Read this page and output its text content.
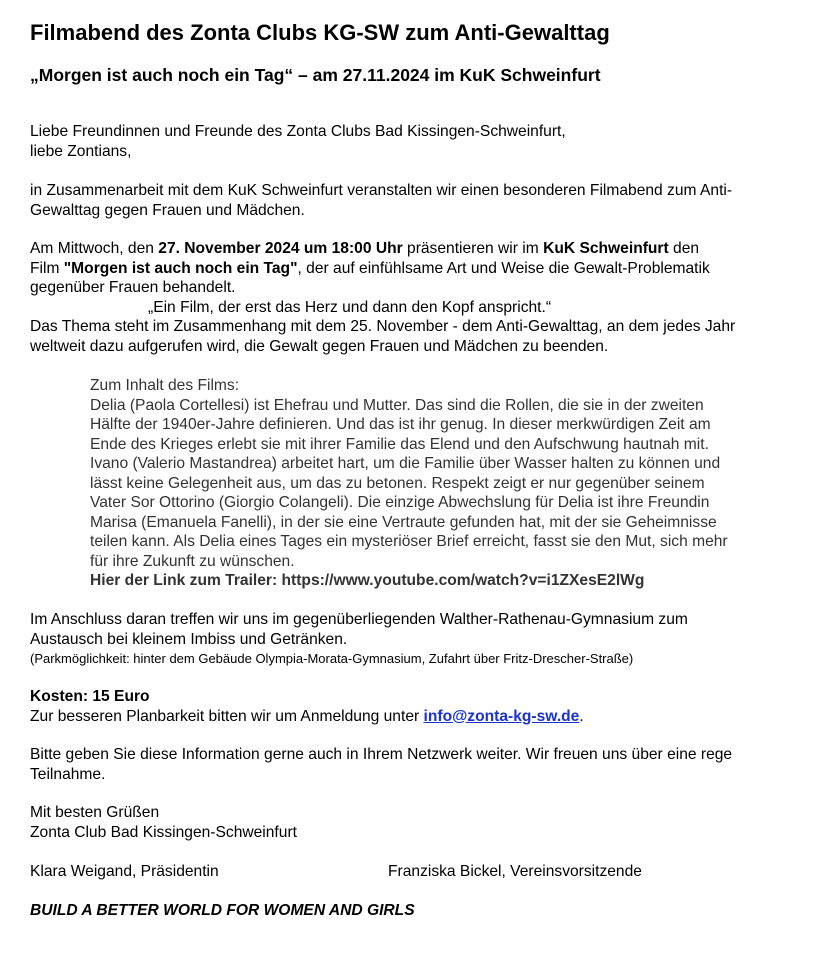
Filmabend des Zonta Clubs KG-SW zum Anti-Gewalttag
„Morgen ist auch noch ein Tag“ – am 27.11.2024 im KuK Schweinfurt

Liebe Freundinnen und Freunde des Zonta Clubs Bad Kissingen-Schweinfurt,
liebe Zontians,

in Zusammenarbeit mit dem KuK Schweinfurt veranstalten wir einen besonderen Filmabend zum Anti-
Gewalttag gegen Frauen und Mädchen.

Am Mittwoch, den 27. November 2024 um 18:00 Uhr präsentieren wir im KuK Schweinfurt den
Film "Morgen ist auch noch ein Tag", der auf einfühlsame Art und Weise die Gewalt-Problematik
gegenüber Frauen behandelt.
„Ein Film, der erst das Herz und dann den Kopf anspricht.“
Das Thema steht im Zusammenhang mit dem 25. November - dem Anti-Gewalttag, an dem jedes Jahr
weltweit dazu aufgerufen wird, die Gewalt gegen Frauen und Mädchen zu beenden.

Zum Inhalt des Films:
Delia (Paola Cortellesi) ist Ehefrau und Mutter. Das sind die Rollen, die sie in der zweiten
Hälfte der 1940er-Jahre definieren. Und das ist ihr genug. In dieser merkwürdigen Zeit am
Ende des Krieges erlebt sie mit ihrer Familie das Elend und den Aufschwung hautnah mit.
Ivano (Valerio Mastandrea) arbeitet hart, um die Familie über Wasser halten zu können und
lässt keine Gelegenheit aus, um das zu betonen. Respekt zeigt er nur gegenüber seinem
Vater Sor Ottorino (Giorgio Colangeli). Die einzige Abwechslung für Delia ist ihre Freundin
Marisa (Emanuela Fanelli), in der sie eine Vertraute gefunden hat, mit der sie Geheimnisse
teilen kann. Als Delia eines Tages ein mysteriöser Brief erreicht, fasst sie den Mut, sich mehr
für ihre Zukunft zu wünschen.
Hier der Link zum Trailer: https://www.youtube.com/watch?v=i1ZXesE2lWg

Im Anschluss daran treffen wir uns im gegenüberliegenden Walther-Rathenau-Gymnasium zum
Austausch bei kleinem Imbiss und Getränken.

(Parkmöglichkeit: hinter dem Gebäude Olympia-Morata-Gymnasium, Zufahrt über Fritz-Drescher-Straße)

Kosten: 15 Euro
Zur besseren Planbarkeit bitten wir um Anmeldung unter info@zonta-kg-sw.de.

Bitte geben Sie diese Information gerne auch in Ihrem Netzwerk weiter. Wir freuen uns über eine rege
Teilnahme.

Mit besten Grüßen
Zonta Club Bad Kissingen-Schweinfurt

Klara Weigand, Präsidentin	Franziska Bickel, Vereinsvorsitzende

BUILD A BETTER WORLD FOR WOMEN AND GIRLS
